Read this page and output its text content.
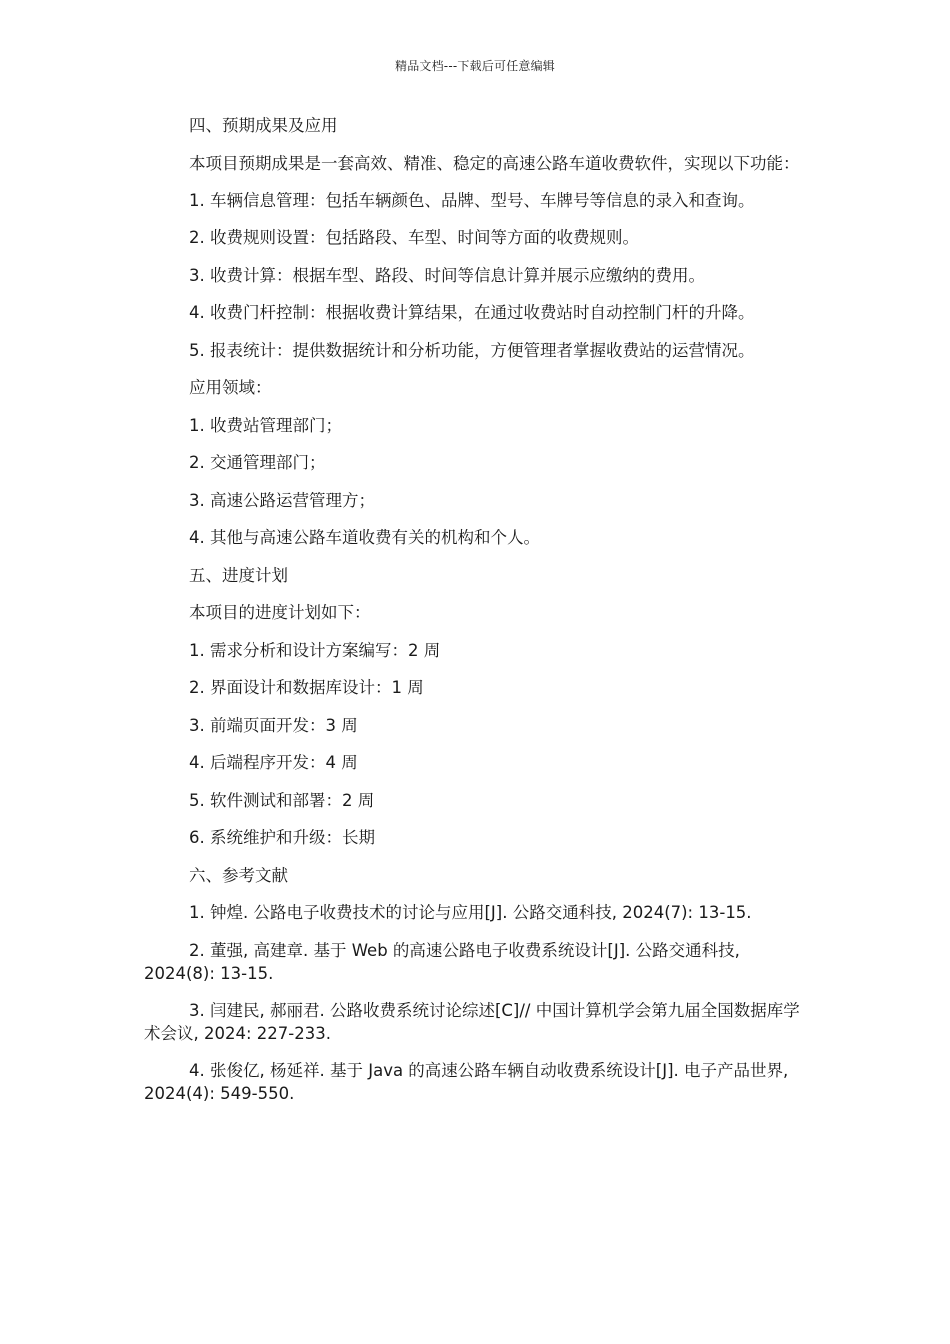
精品文档---下载后可任意编辑

四、预期成果及应用

本项目预期成果是一套高效、精准、稳定的高速公路车道收费软件，实现以下功能：

1. 车辆信息管理：包括车辆颜色、品牌、型号、车牌号等信息的录入和查询。

2. 收费规则设置：包括路段、车型、时间等方面的收费规则。

3. 收费计算：根据车型、路段、时间等信息计算并展示应缴纳的费用。

4. 收费门杆控制：根据收费计算结果，在通过收费站时自动控制门杆的升降。

5. 报表统计：提供数据统计和分析功能，方便管理者掌握收费站的运营情况。

应用领域：

1. 收费站管理部门；

2. 交通管理部门；

3. 高速公路运营管理方；

4. 其他与高速公路车道收费有关的机构和个人。

五、进度计划

本项目的进度计划如下：

1. 需求分析和设计方案编写：2 周

2. 界面设计和数据库设计：1 周

3. 前端页面开发：3 周

4. 后端程序开发：4 周

5. 软件测试和部署：2 周

6. 系统维护和升级：长期

六、参考文献

1. 钟煌. 公路电子收费技术的讨论与应用[J]. 公路交通科技, 2024(7): 13-15.

2. 董强, 高建章. 基于 Web 的高速公路电子收费系统设计[J]. 公路交通科技, 2024(8): 13-15.

3. 闫建民, 郝丽君. 公路收费系统讨论综述[C]// 中国计算机学会第九届全国数据库学术会议, 2024: 227-233.

4. 张俊亿, 杨延祥. 基于 Java 的高速公路车辆自动收费系统设计[J]. 电子产品世界, 2024(4): 549-550.
